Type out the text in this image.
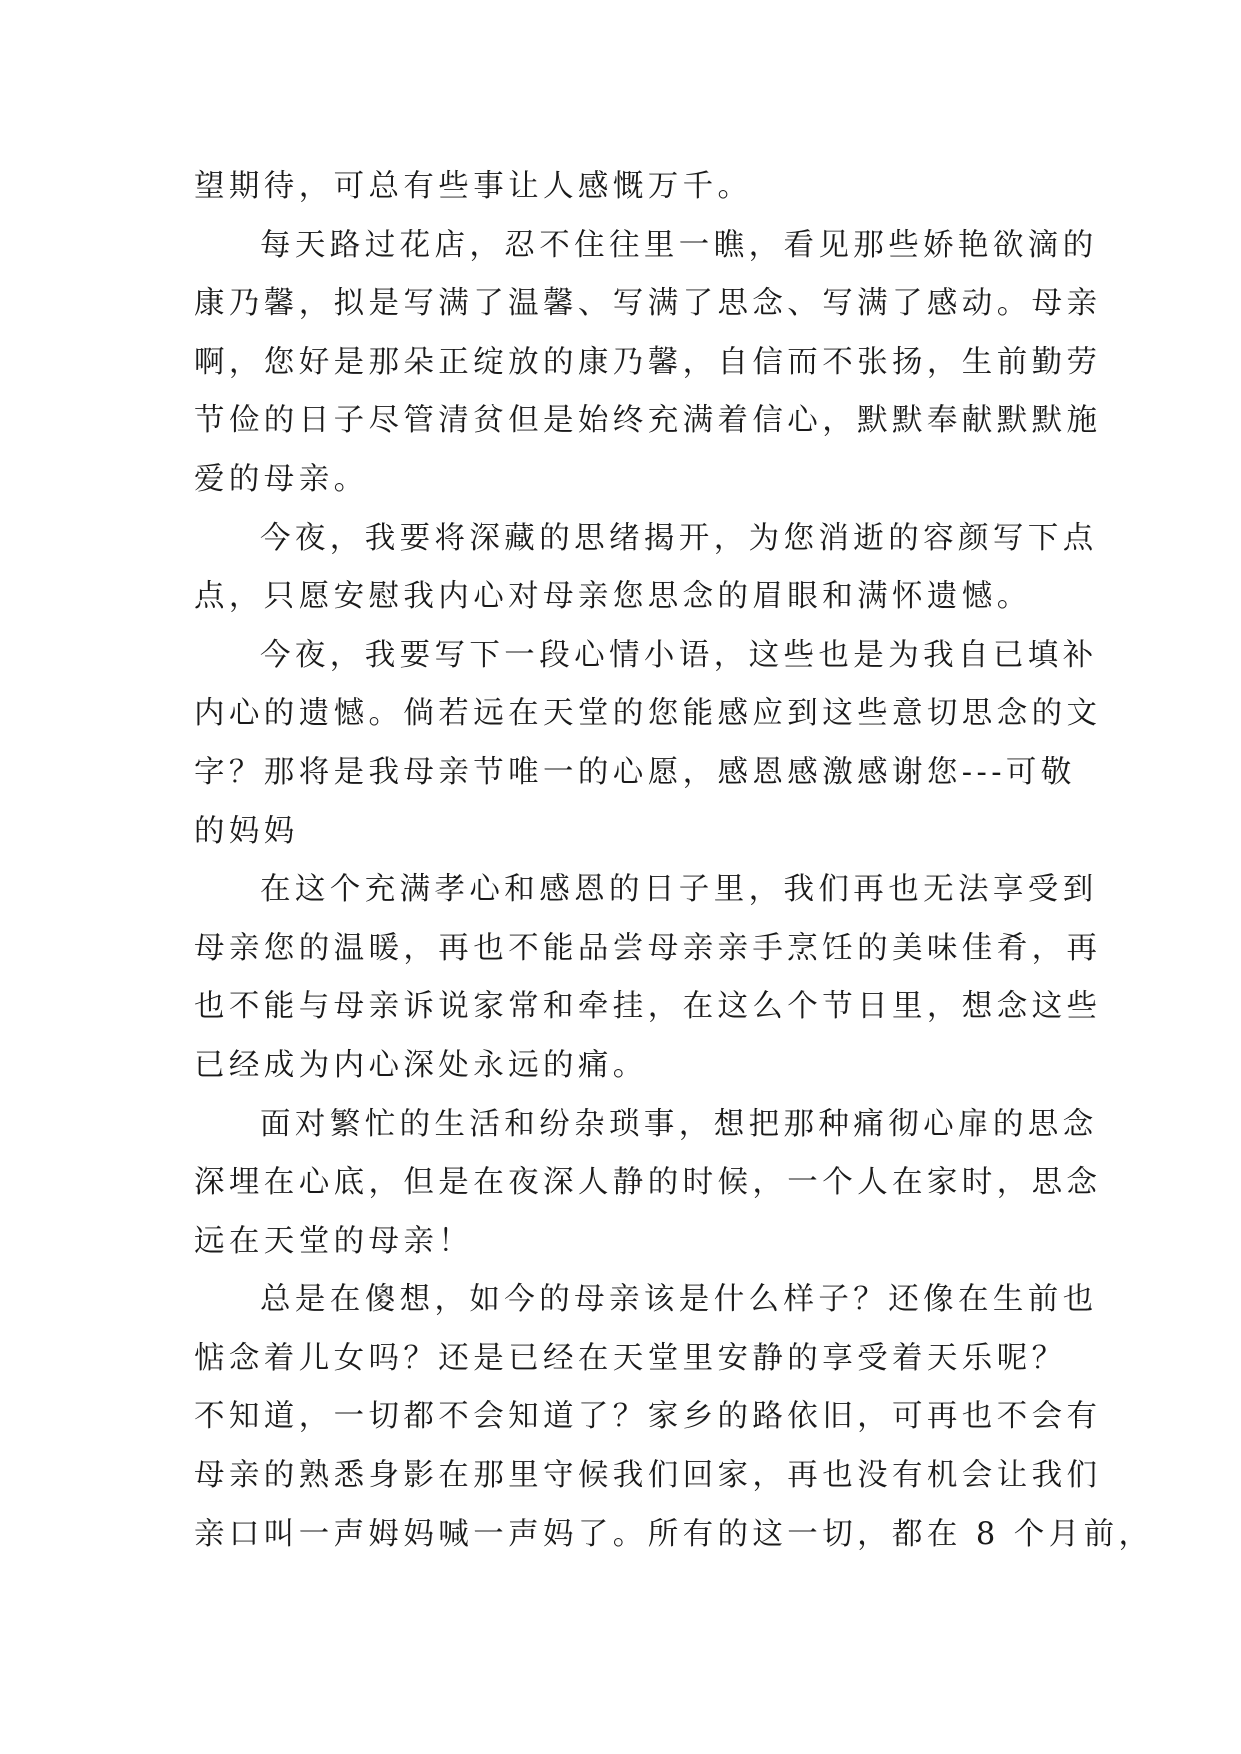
望期待，可总有些事让人感慨万千。

每天路过花店，忍不住往里一瞧，看见那些娇艳欲滴的
康乃馨，拟是写满了温馨、写满了思念、写满了感动。母亲
啊，您好是那朵正绽放的康乃馨，自信而不张扬，生前勤劳
节俭的日子尽管清贫但是始终充满着信心，默默奉献默默施
爱的母亲。

今夜，我要将深藏的思绪揭开，为您消逝的容颜写下点
点，只愿安慰我内心对母亲您思念的眉眼和满怀遗憾。

今夜，我要写下一段心情小语，这些也是为我自已填补
内心的遗憾。倘若远在天堂的您能感应到这些意切思念的文
字？那将是我母亲节唯一的心愿，感恩感激感谢您---可敬
的妈妈

在这个充满孝心和感恩的日子里，我们再也无法享受到
母亲您的温暖，再也不能品尝母亲亲手烹饪的美味佳肴，再
也不能与母亲诉说家常和牵挂，在这么个节日里，想念这些
已经成为内心深处永远的痛。

面对繁忙的生活和纷杂琐事，想把那种痛彻心扉的思念
深埋在心底，但是在夜深人静的时候，一个人在家时，思念
远在天堂的母亲！

总是在傻想，如今的母亲该是什么样子？还像在生前也
惦念着儿女吗？还是已经在天堂里安静的享受着天乐呢？
不知道，一切都不会知道了？家乡的路依旧，可再也不会有
母亲的熟悉身影在那里守候我们回家，再也没有机会让我们
亲口叫一声姆妈喊一声妈了。所有的这一切，都在 8 个月前，
